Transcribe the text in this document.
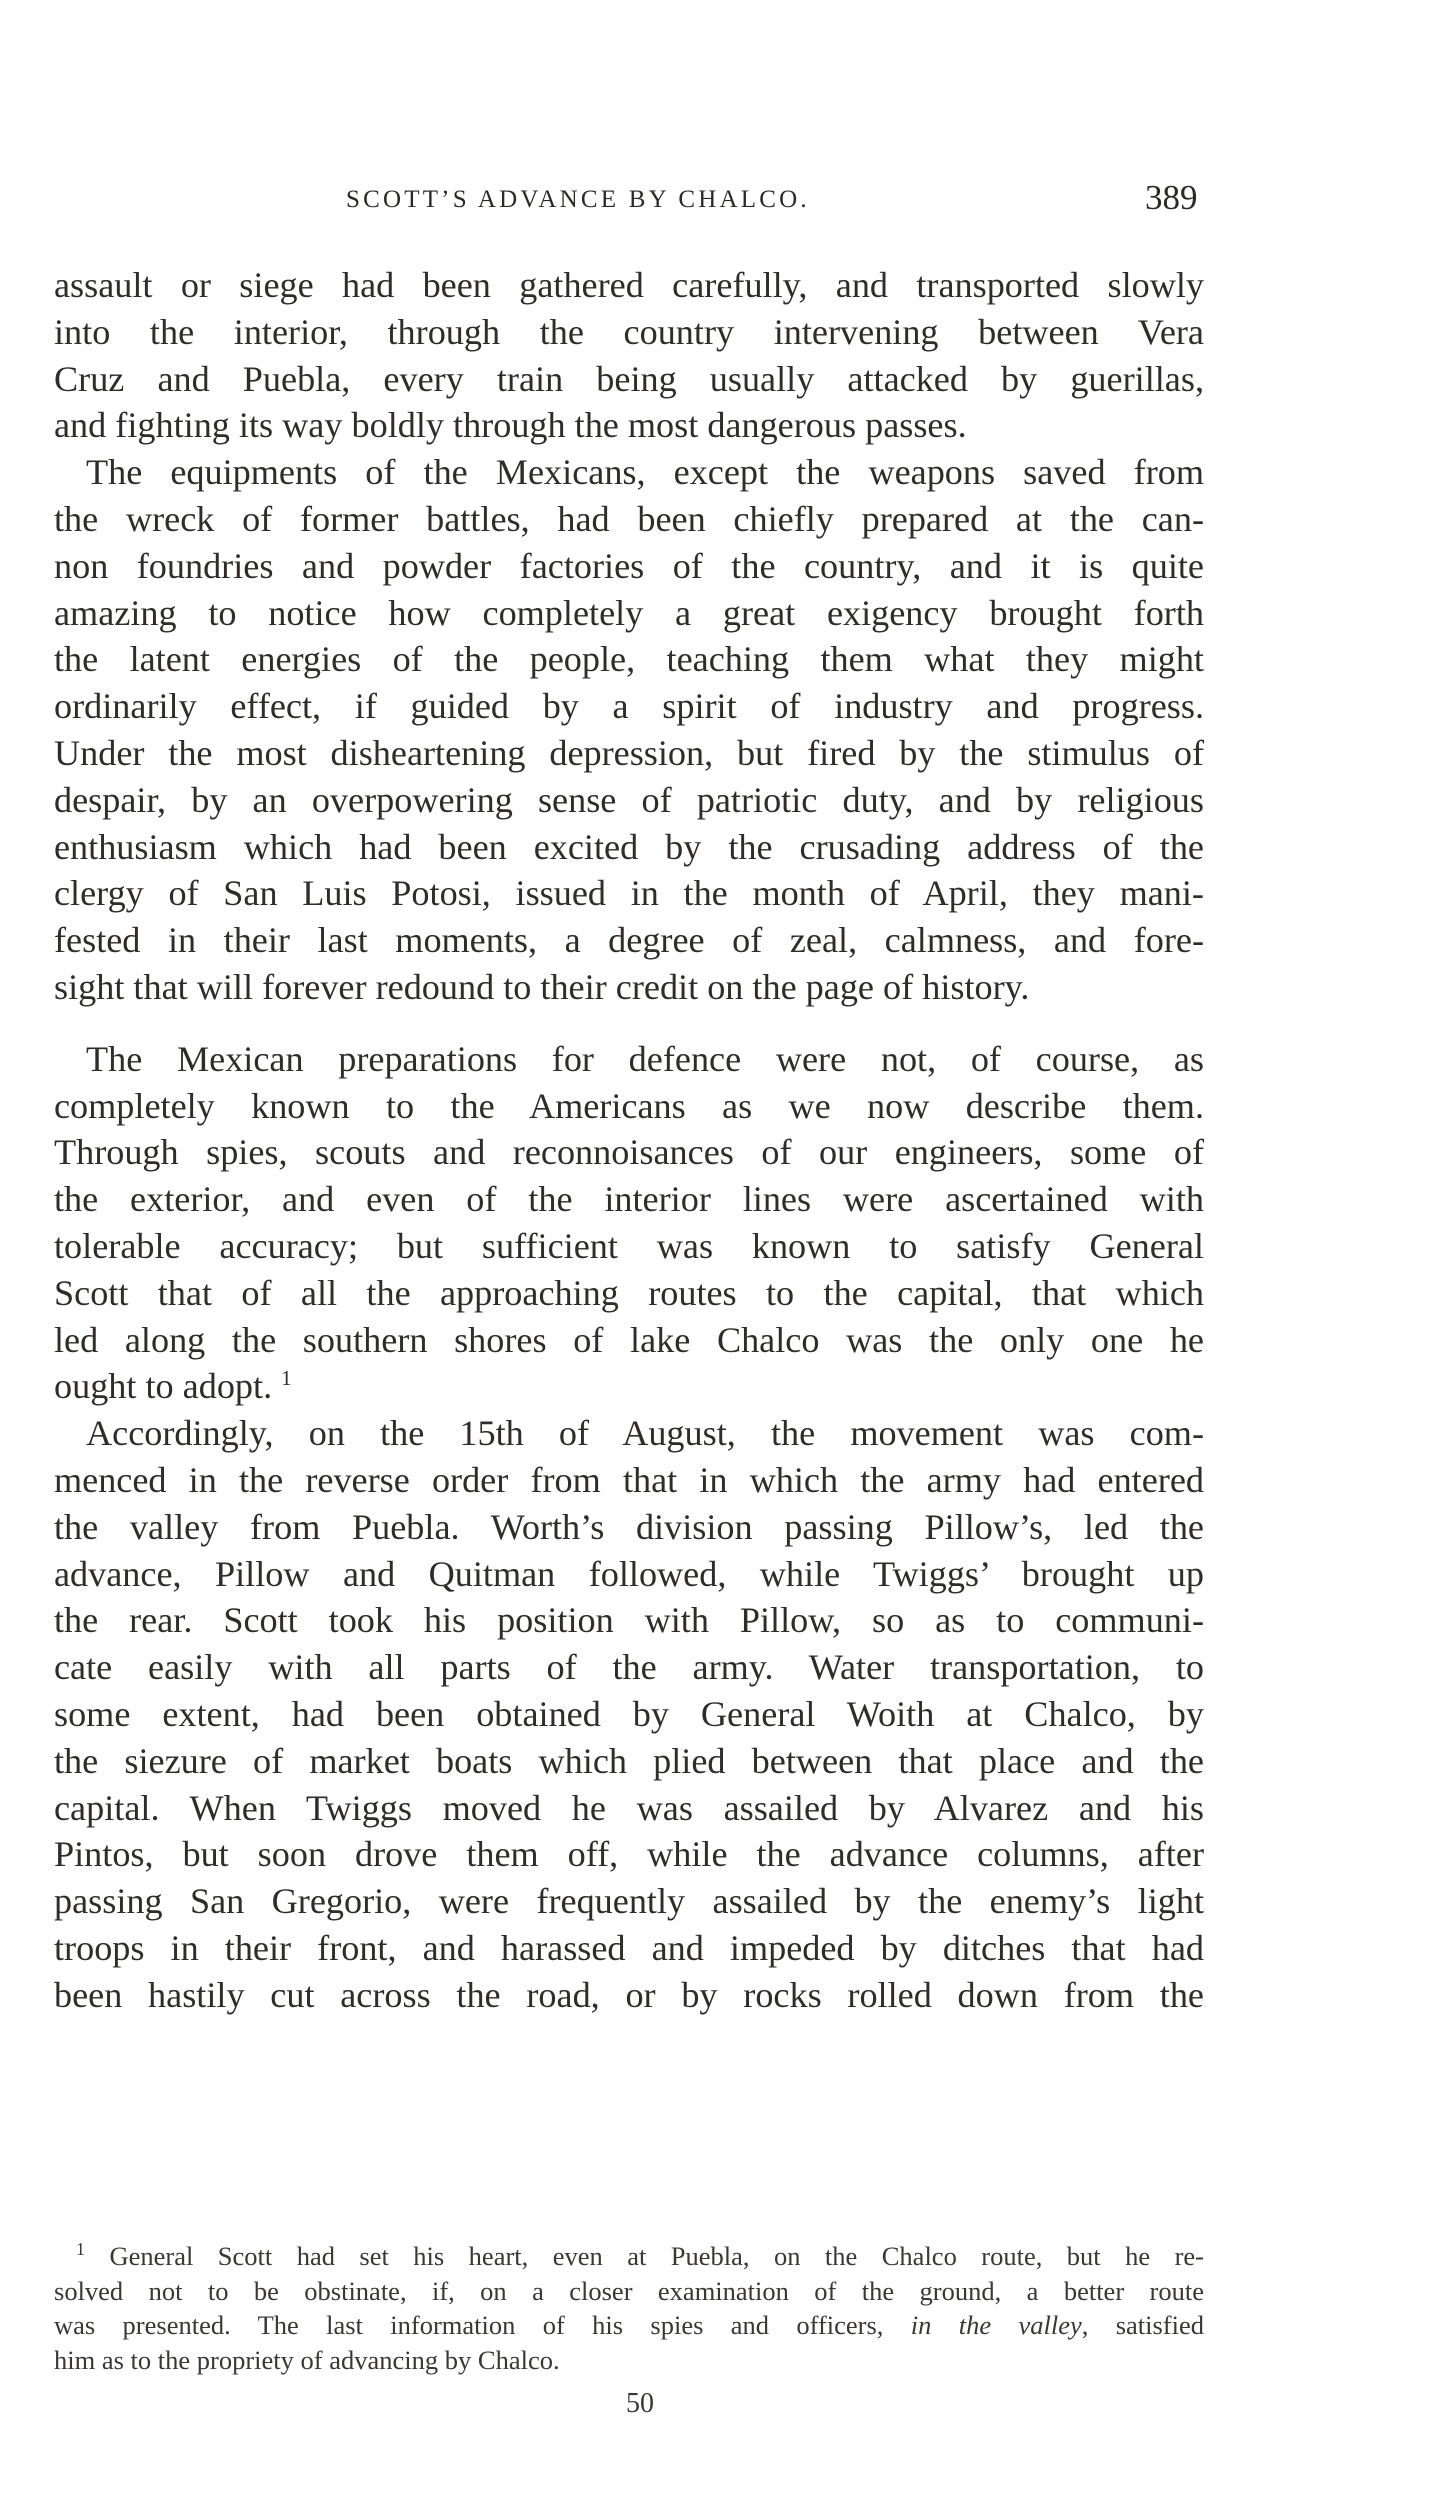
SCOTT’S ADVANCE BY CHALCO.	389

assault or siege had been gathered carefully, and transported slowly
into the interior, through the country intervening between Vera
Cruz and Puebla, every train being usually attacked by guerillas,
and fighting its way boldly through the most dangerous passes.

The equipments of the Mexicans, except the weapons saved from
the wreck of former battles, had been chiefly prepared at the can-
non foundries and powder factories of the country, and it is quite
amazing to notice how completely a great exigency brought forth
the latent energies of the people, teaching them what they might
ordinarily effect, if guided by a spirit of industry and progress.
Under the most disheartening depression, but fired by the stimulus of
despair, by an overpowering sense of patriotic duty, and by religious
enthusiasm which had been excited by the crusading address of the
clergy of San Luis Potosi, issued in the month of April, they mani-
fested in their last moments, a degree of zeal, calmness, and fore-
sight that will forever redound to their credit on the page of history.

The Mexican preparations for defence were not, of course, as
completely known to the Americans as we now describe them.
Through spies, scouts and reconnoisances of our engineers, some of
the exterior, and even of the interior lines were ascertained with
tolerable accuracy; but sufficient was known to satisfy General
Scott that of all the approaching routes to the capital, that which
led along the southern shores of lake Chalco was the only one he
ought to adopt. $^1$

Accordingly, on the 15th of August, the movement was com-
menced in the reverse order from that in which the army had entered
the valley from Puebla. Worth’s division passing Pillow’s, led the
advance, Pillow and Quitman followed, while Twiggs’ brought up
the rear. Scott took his position with Pillow, so as to communi-
cate easily with all parts of the army. Water transportation, to
some extent, had been obtained by General Woith at Chalco, by
the siezure of market boats which plied between that place and the
capital. When Twiggs moved he was assailed by Alvarez and his
Pintos, but soon drove them off, while the advance columns, after
passing San Gregorio, were frequently assailed by the enemy’s light
troops in their front, and harassed and impeded by ditches that had
been hastily cut across the road, or by rocks rolled down from the

$^1$ General Scott had set his heart, even at Puebla, on the Chalco route, but he re-
solved not to be obstinate, if, on a closer examination of the ground, a better route
was presented. The last information of his spies and officers, in the valley, satisfied
him as to the propriety of advancing by Chalco.
50
